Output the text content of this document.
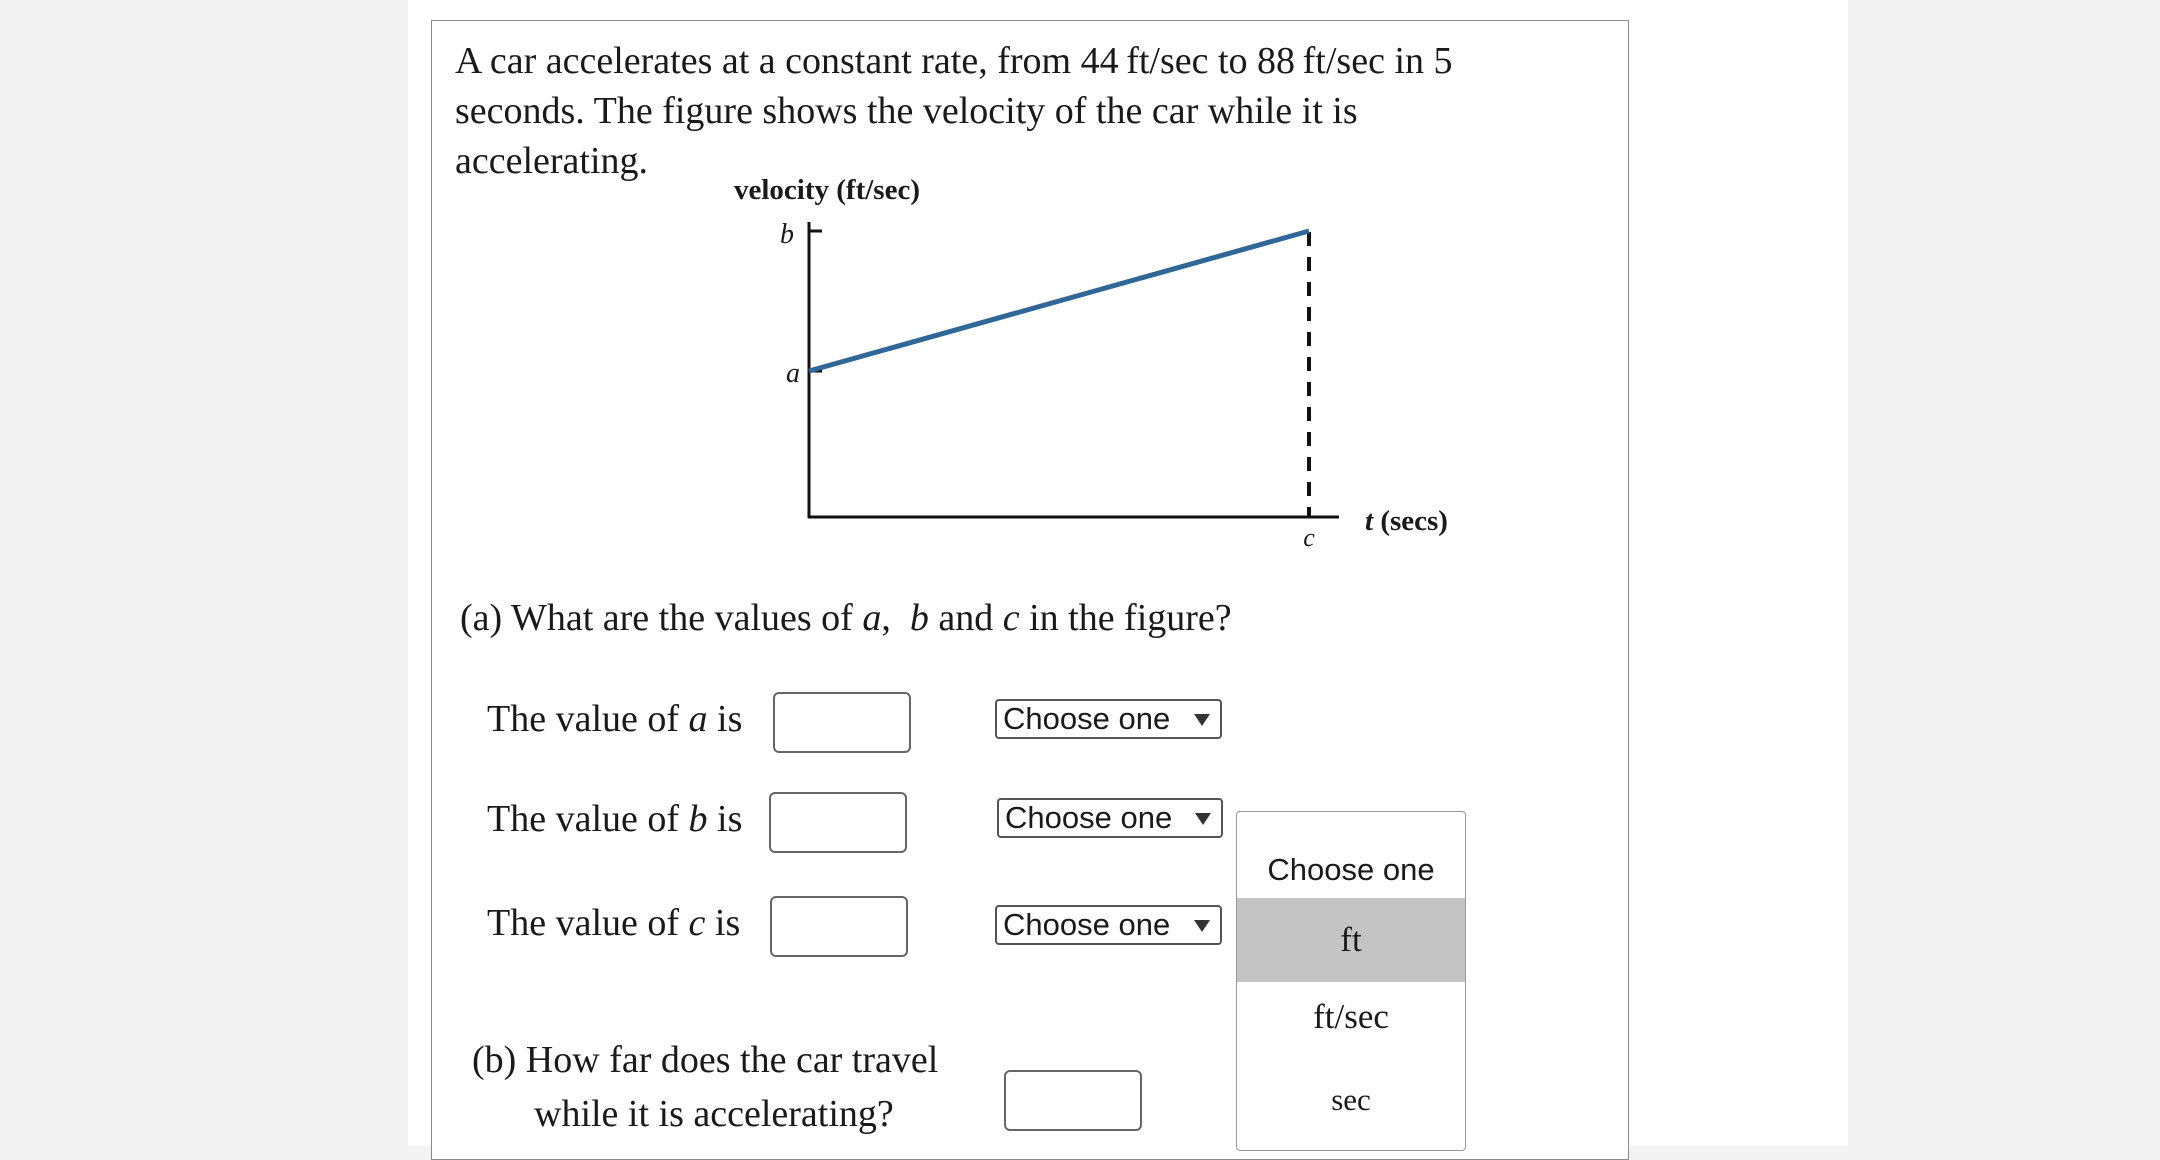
A car accelerates at a constant rate, from 44 ft/sec to 88 ft/sec in 5
seconds. The figure shows the velocity of the car while it is
accelerating.
velocity (ft/sec)
b
a
c
t (secs)
(a) What are the values of a,  b and c in the figure?
The value of a is	Choose one
The value of b is	Choose one
The value of c is	Choose one
(b) How far does the car travel
while it is accelerating?
Choose one
ft
ft/sec
sec
